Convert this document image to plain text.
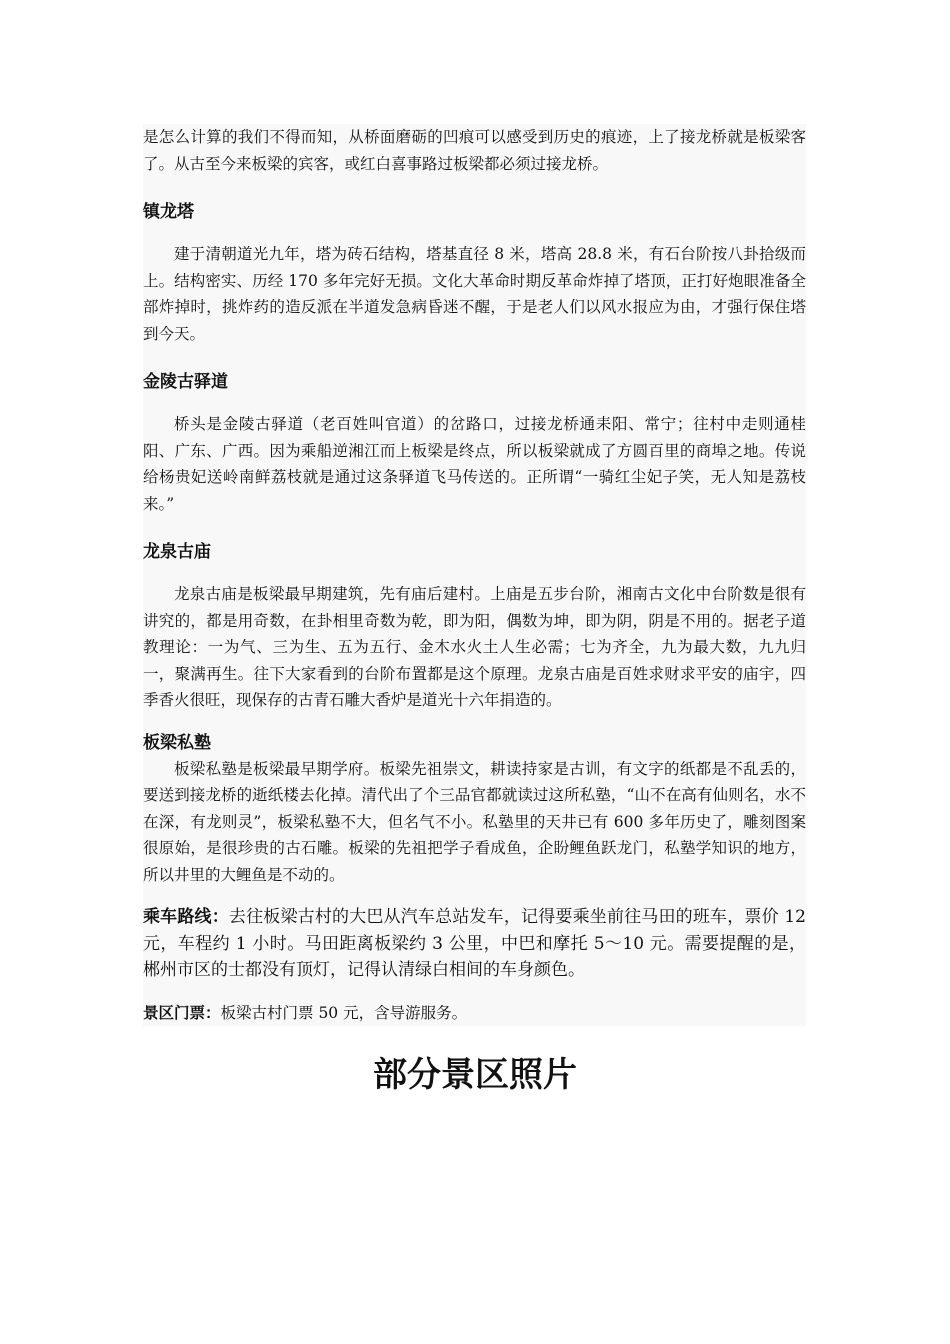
是怎么计算的我们不得而知，从桥面磨砺的凹痕可以感受到历史的痕迹，上了接龙桥就是板梁客了。从古至今来板梁的宾客，或红白喜事路过板梁都必须过接龙桥。

镇龙塔

建于清朝道光九年，塔为砖石结构，塔基直径 8 米，塔高 28.8 米，有石台阶按八卦拾级而上。结构密实、历经 170 多年完好无损。文化大革命时期反革命炸掉了塔顶，正打好炮眼准备全部炸掉时，挑炸药的造反派在半道发急病昏迷不醒，于是老人们以风水报应为由，才强行保住塔到今天。

金陵古驿道

桥头是金陵古驿道（老百姓叫官道）的岔路口，过接龙桥通耒阳、常宁；往村中走则通桂阳、广东、广西。因为乘船逆湘江而上板梁是终点，所以板梁就成了方圆百里的商埠之地。传说给杨贵妃送岭南鲜荔枝就是通过这条驿道飞马传送的。正所谓“一骑红尘妃子笑，无人知是荔枝来。”

龙泉古庙

龙泉古庙是板梁最早期建筑，先有庙后建村。上庙是五步台阶，湘南古文化中台阶数是很有讲究的，都是用奇数，在卦相里奇数为乾，即为阳，偶数为坤，即为阴，阴是不用的。据老子道教理论：一为气、三为生、五为五行、金木水火土人生必需；七为齐全，九为最大数，九九归一，聚满再生。往下大家看到的台阶布置都是这个原理。龙泉古庙是百姓求财求平安的庙宇，四季香火很旺，现保存的古青石雕大香炉是道光十六年捐造的。

板梁私塾

板梁私塾是板梁最早期学府。板梁先祖崇文，耕读持家是古训，有文字的纸都是不乱丢的，要送到接龙桥的逝纸楼去化掉。清代出了个三品官都就读过这所私塾，“山不在高有仙则名，水不在深，有龙则灵”，板梁私塾不大，但名气不小。私塾里的天井已有 600 多年历史了，雕刻图案很原始，是很珍贵的古石雕。板梁的先祖把学子看成鱼，企盼鲤鱼跃龙门，私塾学知识的地方，所以井里的大鲤鱼是不动的。

乘车路线：去往板梁古村的大巴从汽车总站发车，记得要乘坐前往马田的班车，票价 12 元，车程约 1 小时。马田距离板梁约 3 公里，中巴和摩托 5～10 元。需要提醒的是，郴州市区的士都没有顶灯，记得认清绿白相间的车身颜色。

景区门票：板梁古村门票 50 元，含导游服务。

部分景区照片
